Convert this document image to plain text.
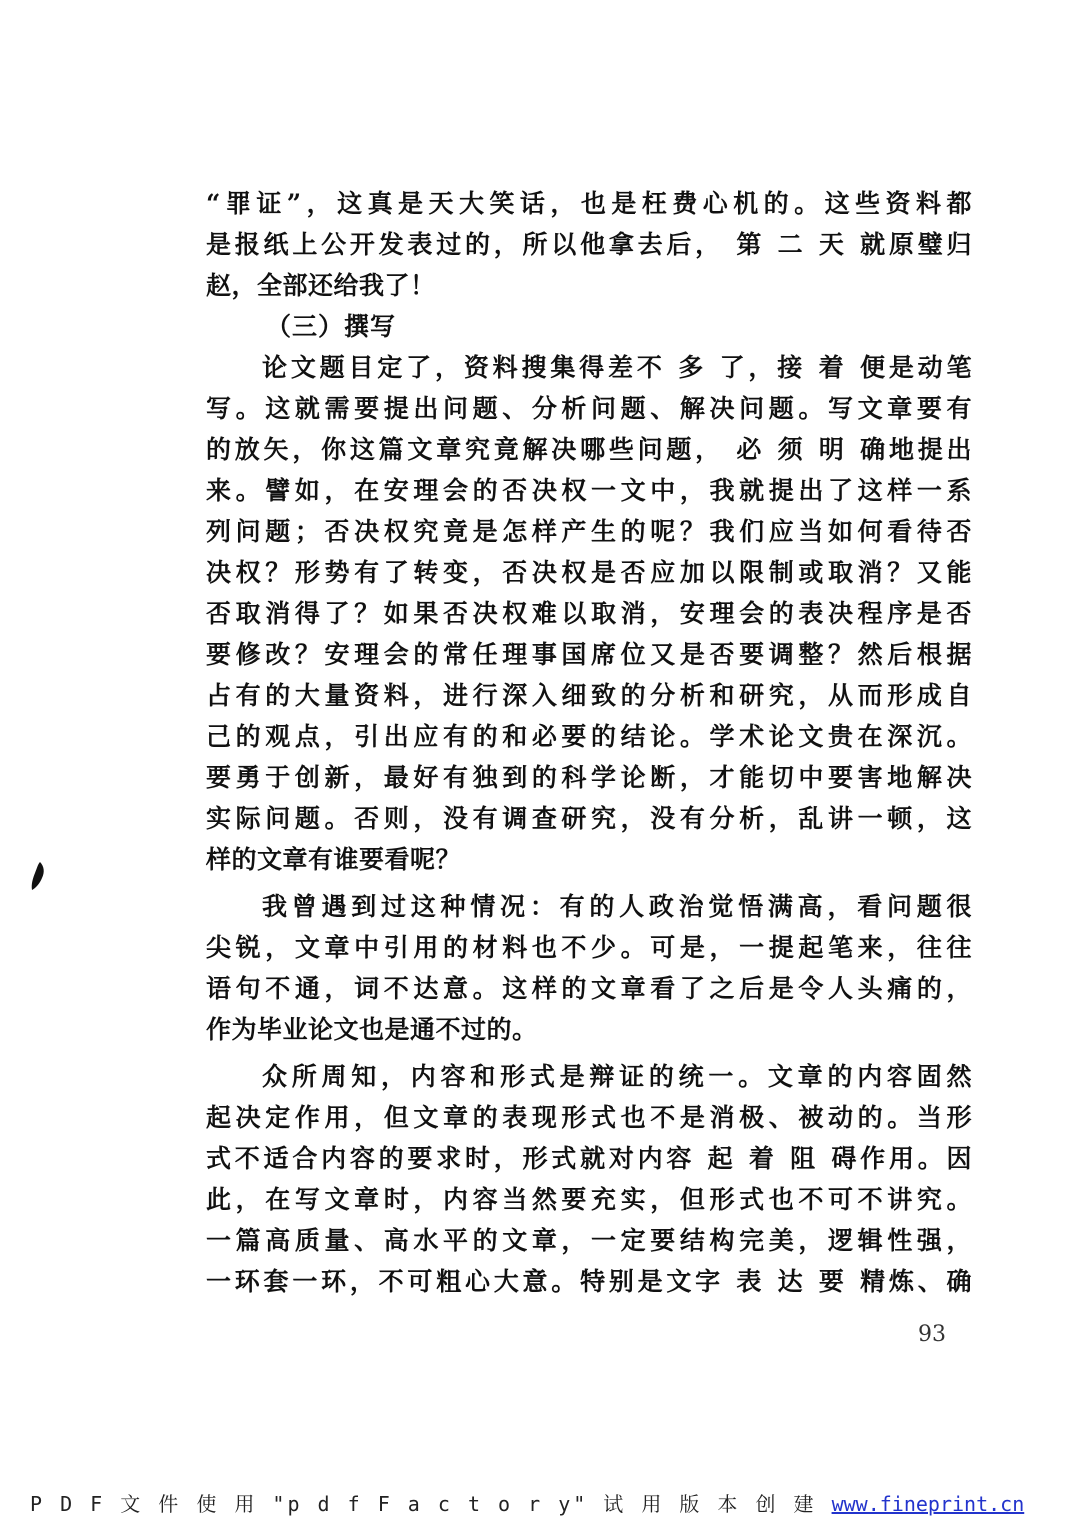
“罪证”，这真是天大笑话，也是枉费心机的。这些资料都
是报纸上公开发表过的，所以他拿去后， 第 二 天 就原璧归
赵，全部还给我了！
（三）撰写
论文题目定了，资料搜集得差不 多 了，接 着 便是动笔
写。这就需要提出问题、分析问题、解决问题。写文章要有
的放矢，你这篇文章究竟解决哪些问题， 必 须 明 确地提出
来。譬如，在安理会的否决权一文中，我就提出了这样一系
列问题；否决权究竟是怎样产生的呢？我们应当如何看待否
决权？形势有了转变，否决权是否应加以限制或取消？又能
否取消得了？如果否决权难以取消，安理会的表决程序是否
要修改？安理会的常任理事国席位又是否要调整？然后根据
占有的大量资料，进行深入细致的分析和研究，从而形成自
己的观点，引出应有的和必要的结论。学术论文贵在深沉。
要勇于创新，最好有独到的科学论断，才能切中要害地解决
实际问题。否则，没有调查研究，没有分析，乱讲一顿，这
样的文章有谁要看呢？
我曾遇到过这种情况：有的人政治觉悟满高，看问题很
尖锐，文章中引用的材料也不少。可是，一提起笔来，往往
语句不通，词不达意。这样的文章看了之后是令人头痛的，
作为毕业论文也是通不过的。
众所周知，内容和形式是辩证的统一。文章的内容固然
起决定作用，但文章的表现形式也不是消极、被动的。当形
式不适合内容的要求时，形式就对内容 起 着 阻 碍作用。因
此，在写文章时，内容当然要充实，但形式也不可不讲究。
一篇高质量、高水平的文章，一定要结构完美，逻辑性强，
一环套一环，不可粗心大意。特别是文字 表 达 要 精炼、确
93
P D F 文 件 使 用 "p d f F a c t o r y" 试 用 版 本 创 建 www.fineprint.cn
